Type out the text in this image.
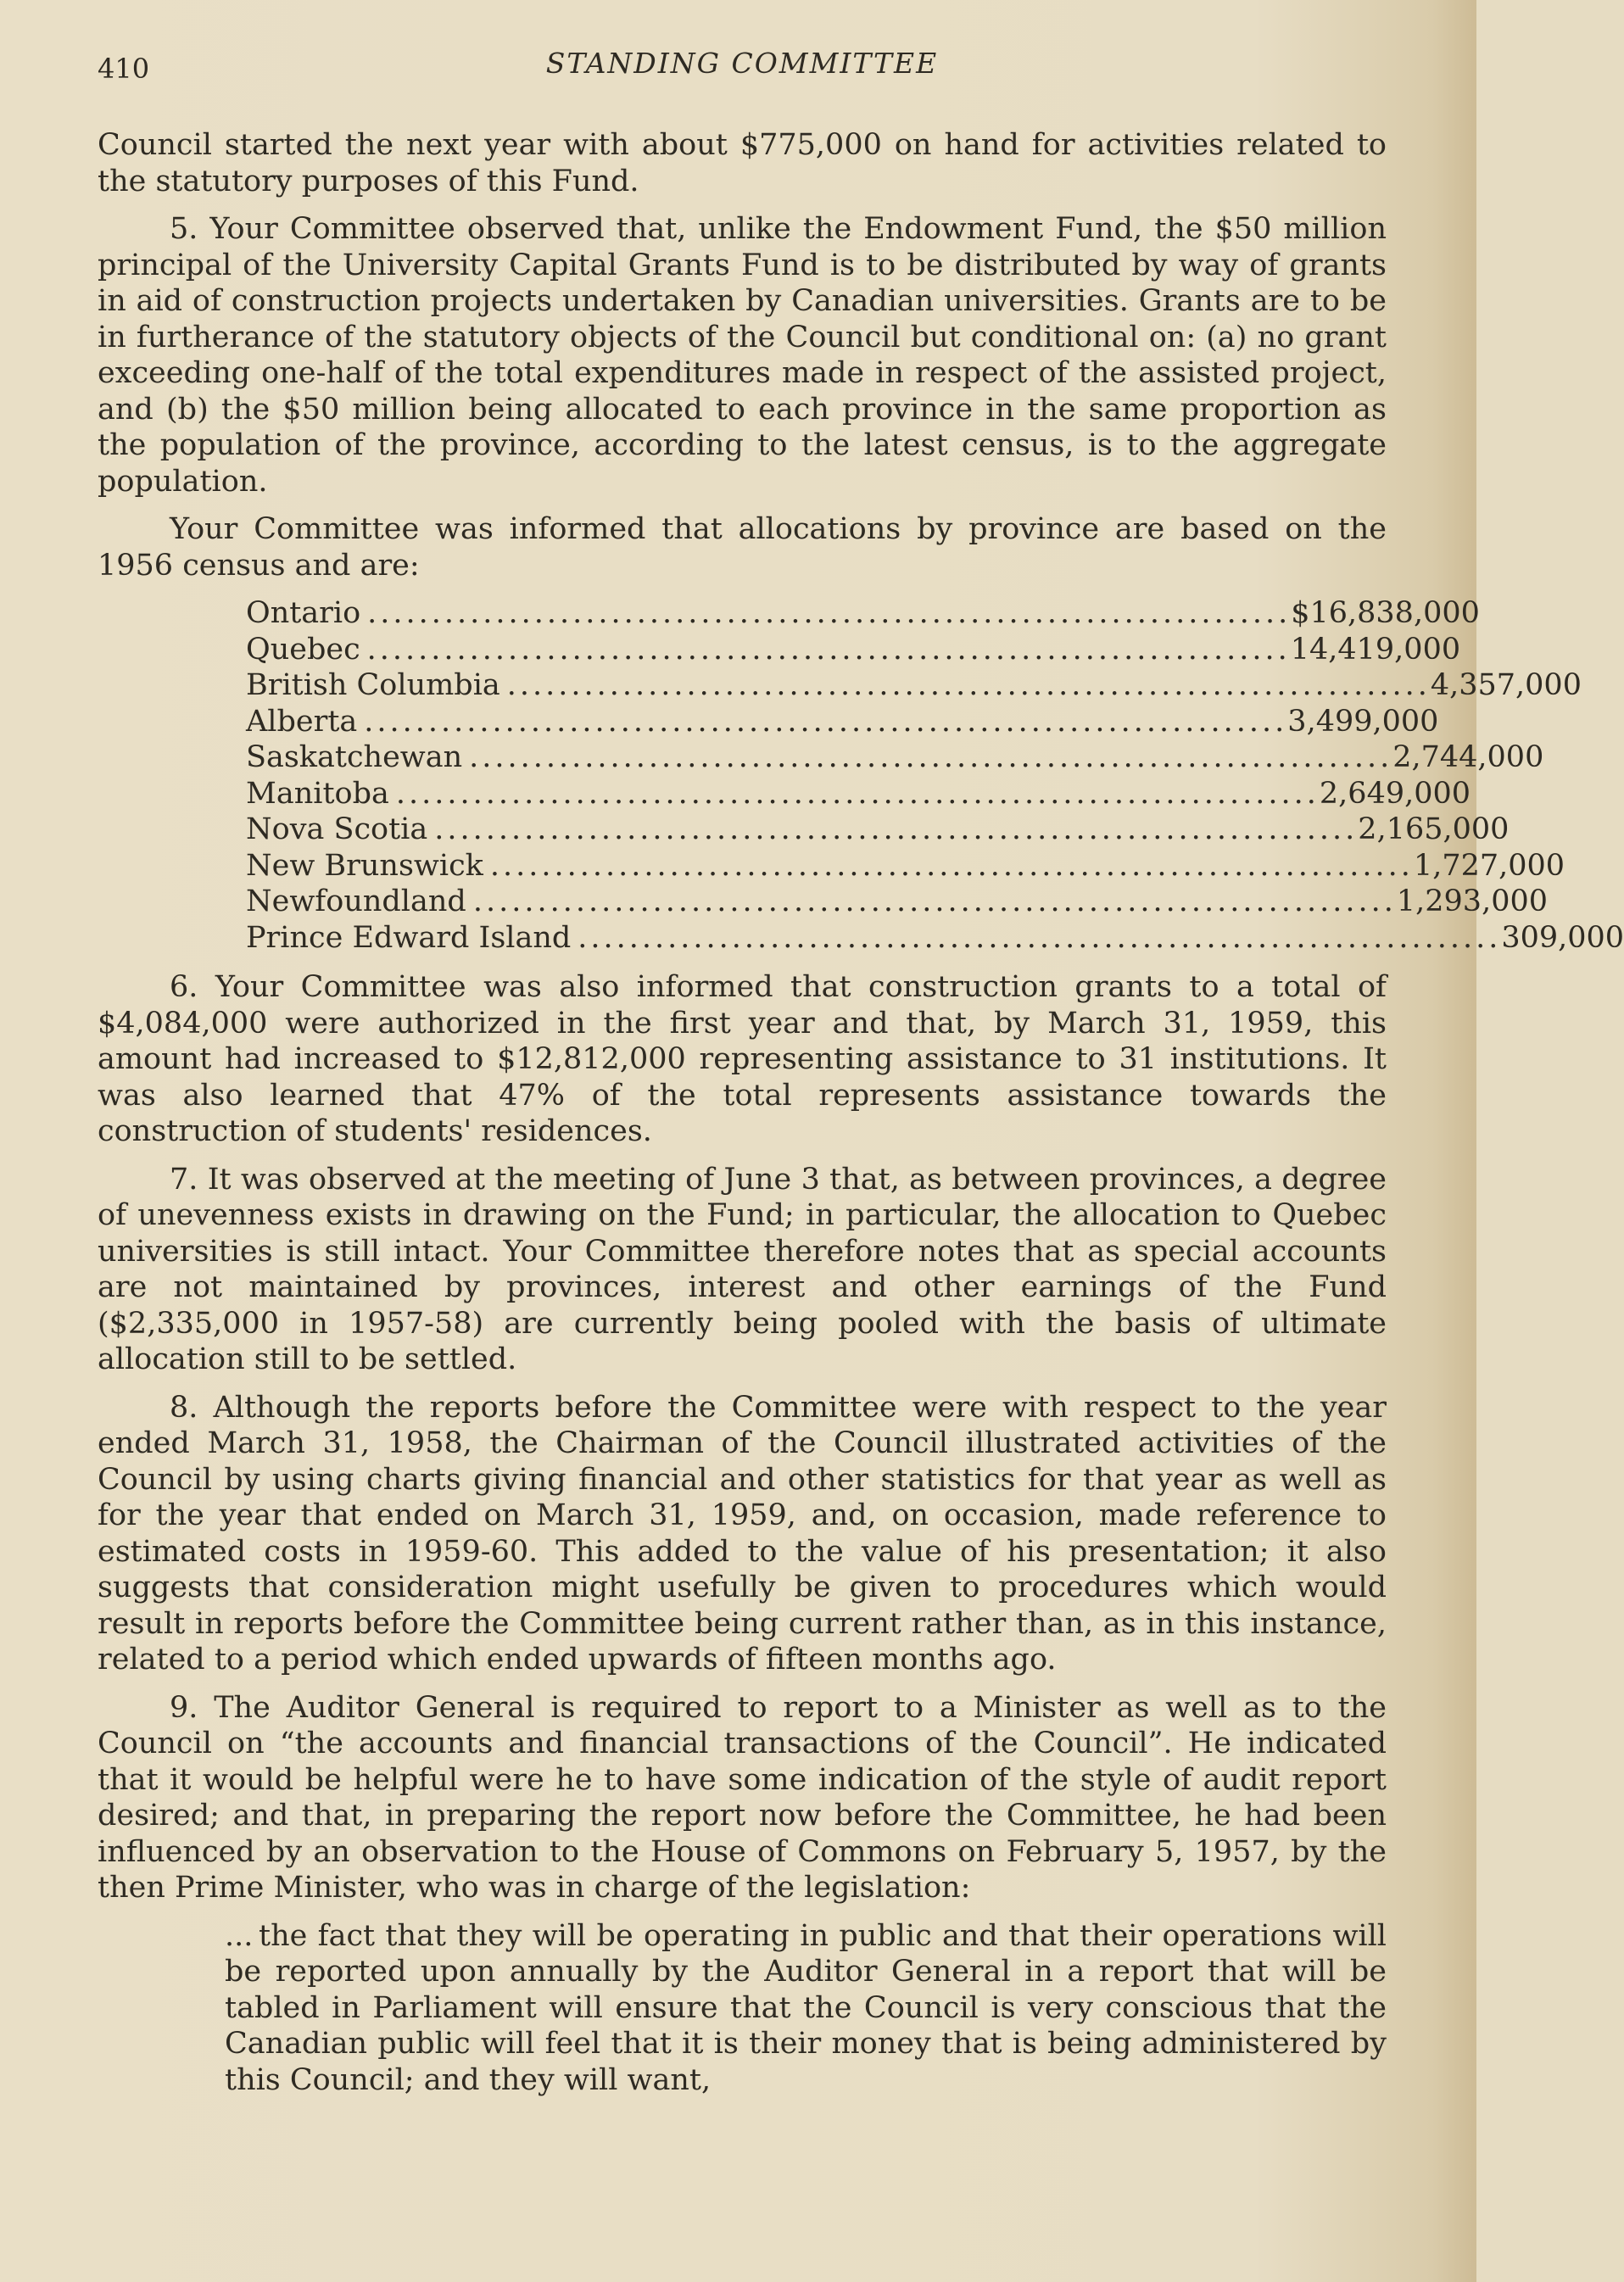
410	STANDING COMMITTEE

Council started the next year with about $775,000 on hand for activities related to the statutory purposes of this Fund.

5. Your Committee observed that, unlike the Endowment Fund, the $50 million principal of the University Capital Grants Fund is to be distributed by way of grants in aid of construction projects undertaken by Canadian universities. Grants are to be in furtherance of the statutory objects of the Council but conditional on: (a) no grant exceeding one-half of the total expenditures made in respect of the assisted project, and (b) the $50 million being allocated to each province in the same proportion as the population of the province, according to the latest census, is to the aggregate population.

Your Committee was informed that allocations by province are based on the 1956 census and are:

Ontario ........................................................................ $16,838,000
Quebec ........................................................................ 14,419,000
British Columbia ........................................................................ 4,357,000
Alberta ........................................................................ 3,499,000
Saskatchewan ........................................................................ 2,744,000
Manitoba ........................................................................ 2,649,000
Nova Scotia ........................................................................ 2,165,000
New Brunswick ........................................................................ 1,727,000
Newfoundland ........................................................................ 1,293,000
Prince Edward Island ........................................................................ 309,000

6. Your Committee was also informed that construction grants to a total of $4,084,000 were authorized in the first year and that, by March 31, 1959, this amount had increased to $12,812,000 representing assistance to 31 institutions. It was also learned that 47% of the total represents assistance towards the construction of students' residences.

7. It was observed at the meeting of June 3 that, as between provinces, a degree of unevenness exists in drawing on the Fund; in particular, the allocation to Quebec universities is still intact. Your Committee therefore notes that as special accounts are not maintained by provinces, interest and other earnings of the Fund ($2,335,000 in 1957-58) are currently being pooled with the basis of ultimate allocation still to be settled.

8. Although the reports before the Committee were with respect to the year ended March 31, 1958, the Chairman of the Council illustrated activities of the Council by using charts giving financial and other statistics for that year as well as for the year that ended on March 31, 1959, and, on occasion, made reference to estimated costs in 1959-60. This added to the value of his presentation; it also suggests that consideration might usefully be given to procedures which would result in reports before the Committee being current rather than, as in this instance, related to a period which ended upwards of fifteen months ago.

9. The Auditor General is required to report to a Minister as well as to the Council on “the accounts and financial transactions of the Council”. He indicated that it would be helpful were he to have some indication of the style of audit report desired; and that, in preparing the report now before the Committee, he had been influenced by an observation to the House of Commons on February 5, 1957, by the then Prime Minister, who was in charge of the legislation:

... the fact that they will be operating in public and that their operations will be reported upon annually by the Auditor General in a report that will be tabled in Parliament will ensure that the Council is very conscious that the Canadian public will feel that it is their money that is being administered by this Council; and they will want,
